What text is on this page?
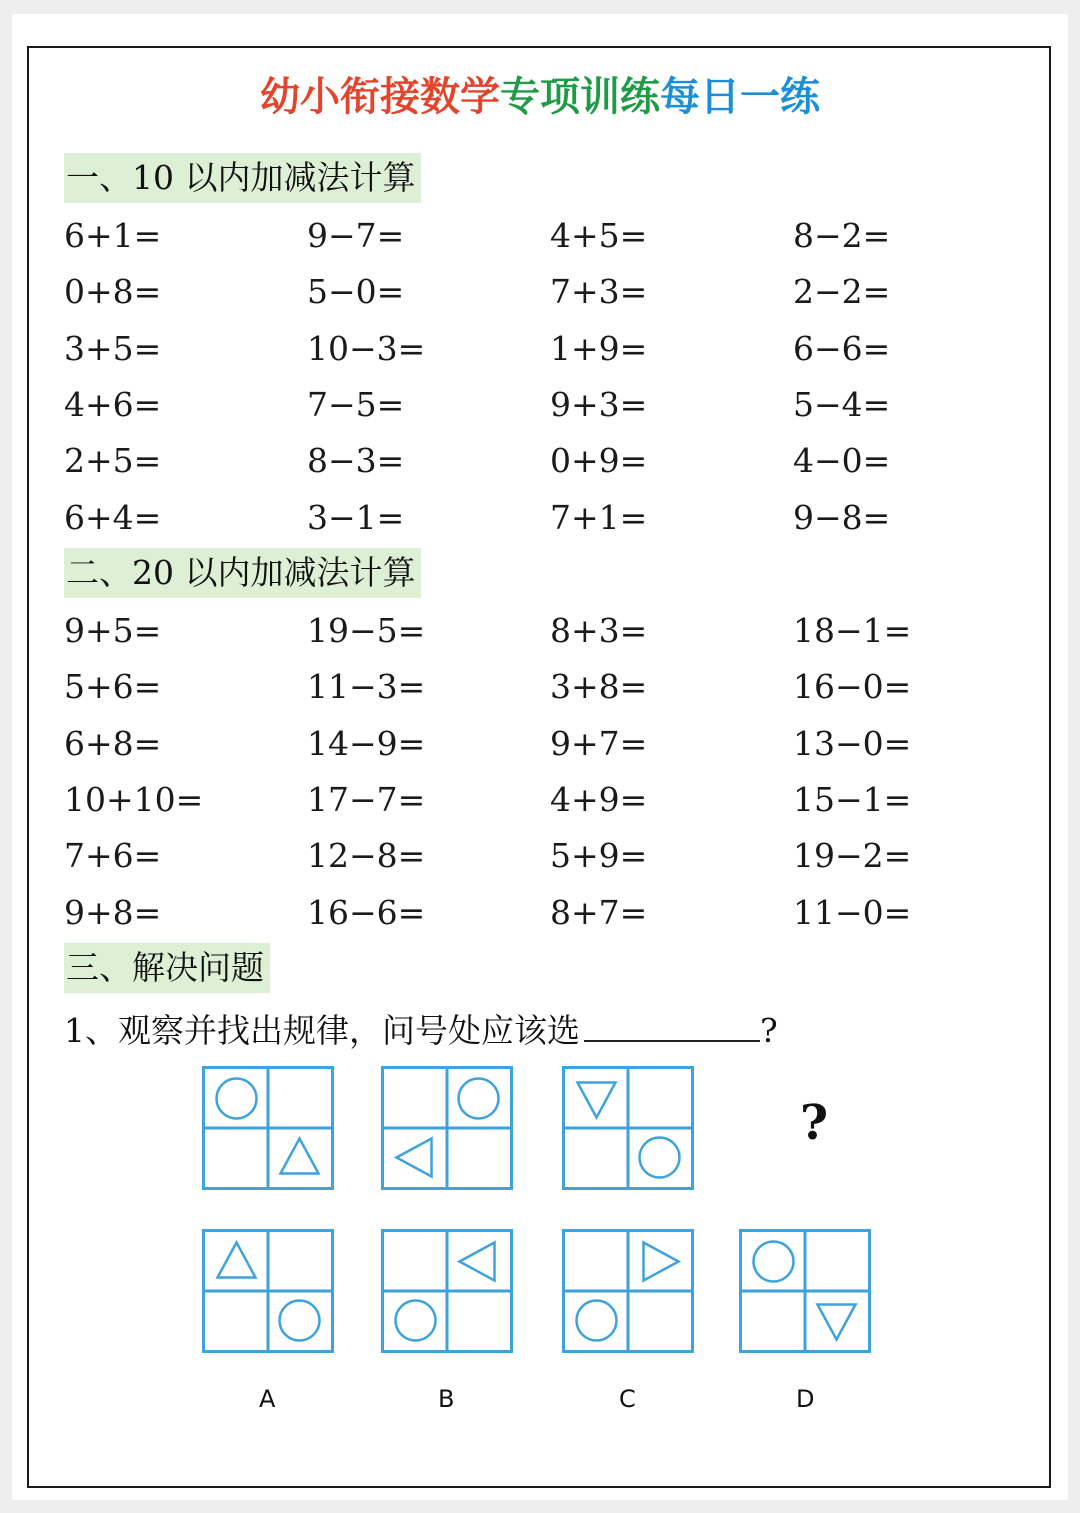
幼小衔接数学专项训练每日一练
一、10 以内加减法计算
6+1=	9−7=	4+5=	8−2=
0+8=	5−0=	7+3=	2−2=
3+5=	10−3=	1+9=	6−6=
4+6=	7−5=	9+3=	5−4=
2+5=	8−3=	0+9=	4−0=
6+4=	3−1=	7+1=	9−8=
二、20 以内加减法计算
9+5=	19−5=	8+3=	18−1=
5+6=	11−3=	3+8=	16−0=
6+8=	14−9=	9+7=	13−0=
10+10=	17−7=	4+9=	15−1=
7+6=	12−8=	5+9=	19−2=
9+8=	16−6=	8+7=	11−0=
三、解决问题
1、观察并找出规律，问号处应该选	?
A	B	C	D
?
